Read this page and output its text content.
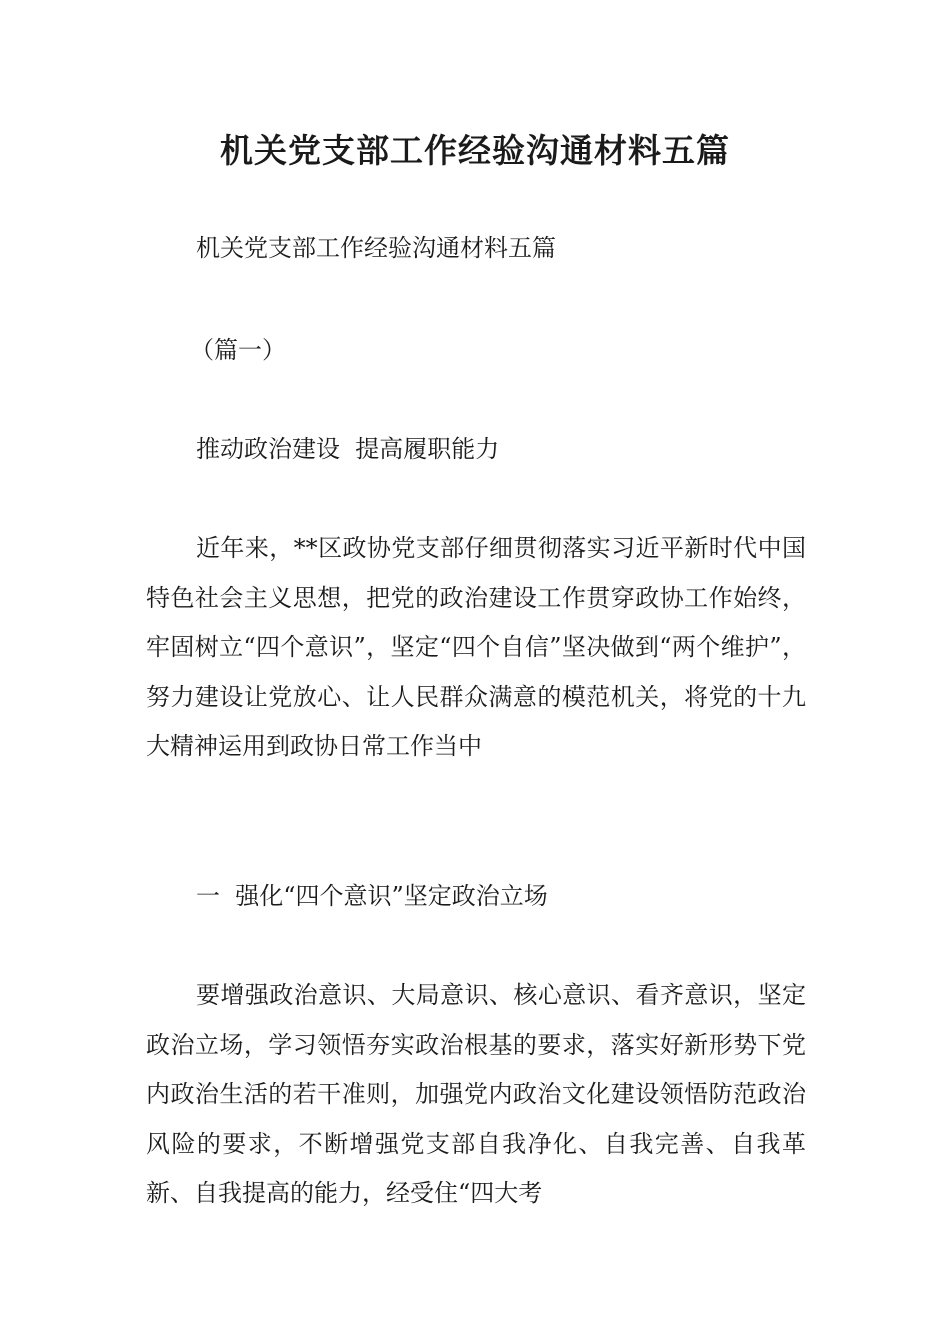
机关党支部工作经验沟通材料五篇

机关党支部工作经验沟通材料五篇

（篇一）

推动政治建设  提高履职能力

近年来，**区政协党支部仔细贯彻落实习近平新时代中国特色社会主义思想，把党的政治建设工作贯穿政协工作始终，牢固树立“四个意识”，坚定“四个自信”坚决做到“两个维护”，努力建设让党放心、让人民群众满意的模范机关，将党的十九大精神运用到政协日常工作当中

一  强化“四个意识”坚定政治立场

要增强政治意识、大局意识、核心意识、看齐意识，坚定政治立场，学习领悟夯实政治根基的要求，落实好新形势下党内政治生活的若干准则，加强党内政治文化建设领悟防范政治风险的要求，不断增强党支部自我净化、自我完善、自我革新、自我提高的能力，经受住“四大考
